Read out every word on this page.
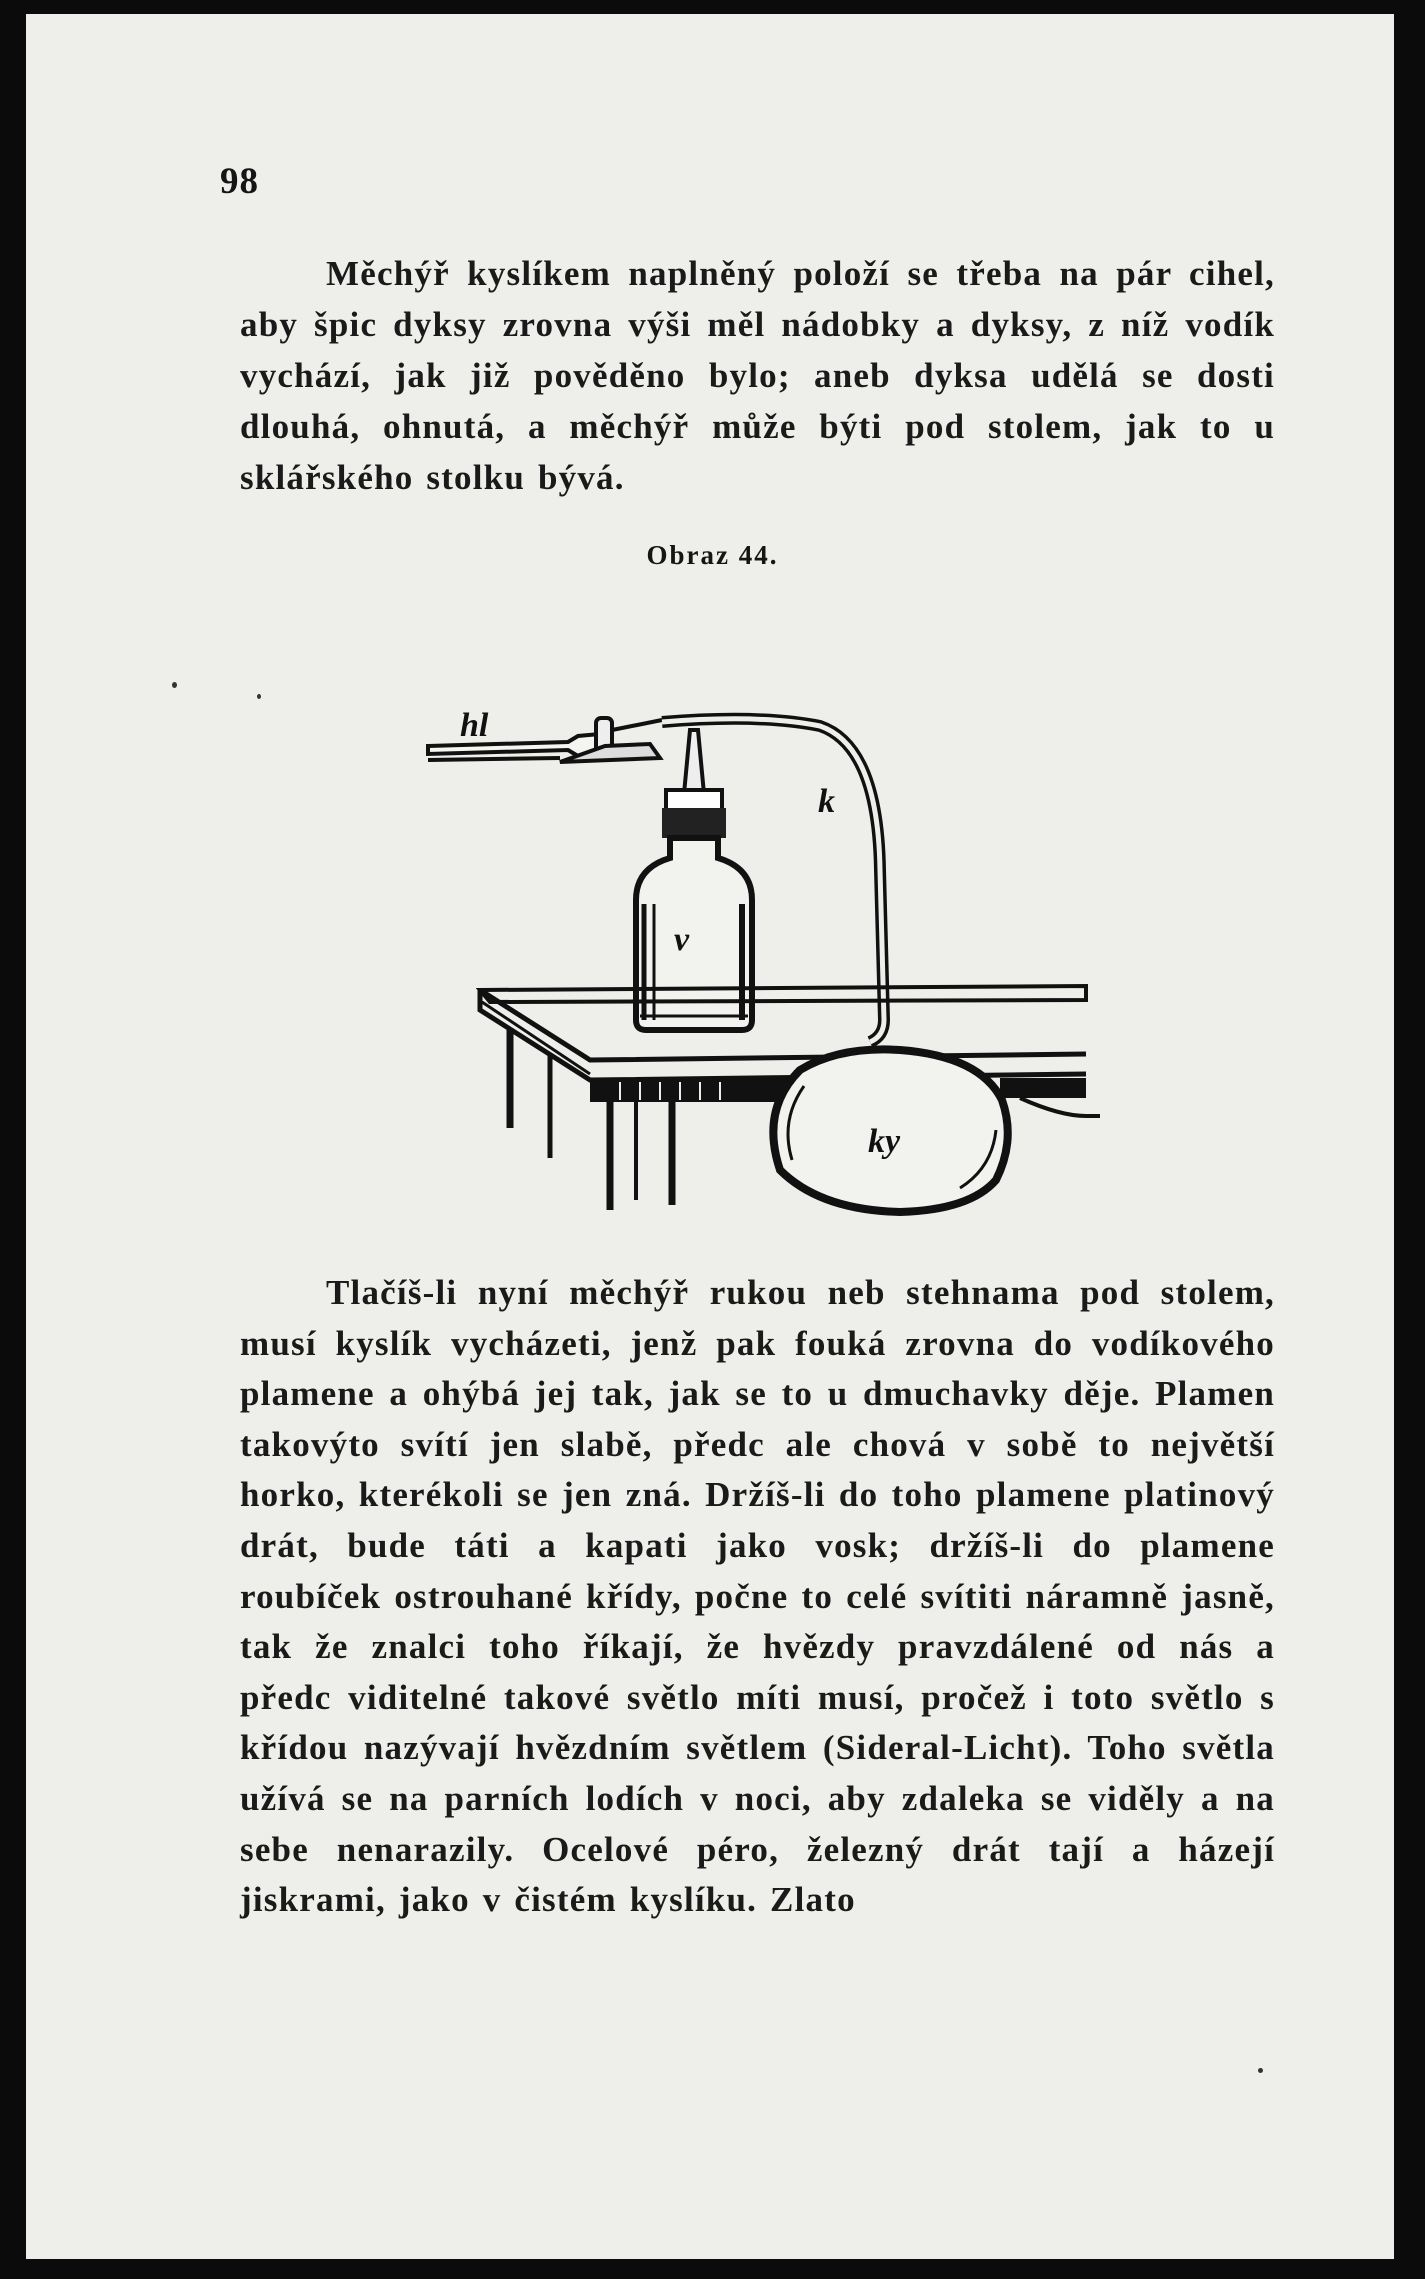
98

Měchýř kyslíkem naplněný položí se třeba na pár cihel, aby špic dyksy zrovna výši měl nádobky a dyksy, z níž vodík vychází, jak již pověděno bylo; aneb dyksa udělá se dosti dlouhá, ohnutá, a měchýř může býti pod stolem, jak to u sklářského stolku bývá.

Obraz 44.
hl
k
v
ky

Tlačíš-li nyní měchýř rukou neb stehnama pod stolem, musí kyslík vycházeti, jenž pak fouká zrovna do vodíkového plamene a ohýbá jej tak, jak se to u dmuchavky děje. Plamen takovýto svítí jen slabě, předc ale chová v sobě to největší horko, kterékoli se jen zná. Držíš-li do toho plamene platinový drát, bude táti a kapati jako vosk; držíš-li do plamene roubíček ostrouhané křídy, počne to celé svítiti náramně jasně, tak že znalci toho říkají, že hvězdy pravzdálené od nás a předc viditelné takové světlo míti musí, pročež i toto světlo s křídou nazývají hvězdním světlem (Sideral-Licht). Toho světla užívá se na parních lodích v noci, aby zdaleka se viděly a na sebe nenarazily. Ocelové péro, železný drát tají a házejí jiskrami, jako v čistém kyslíku. Zlato
